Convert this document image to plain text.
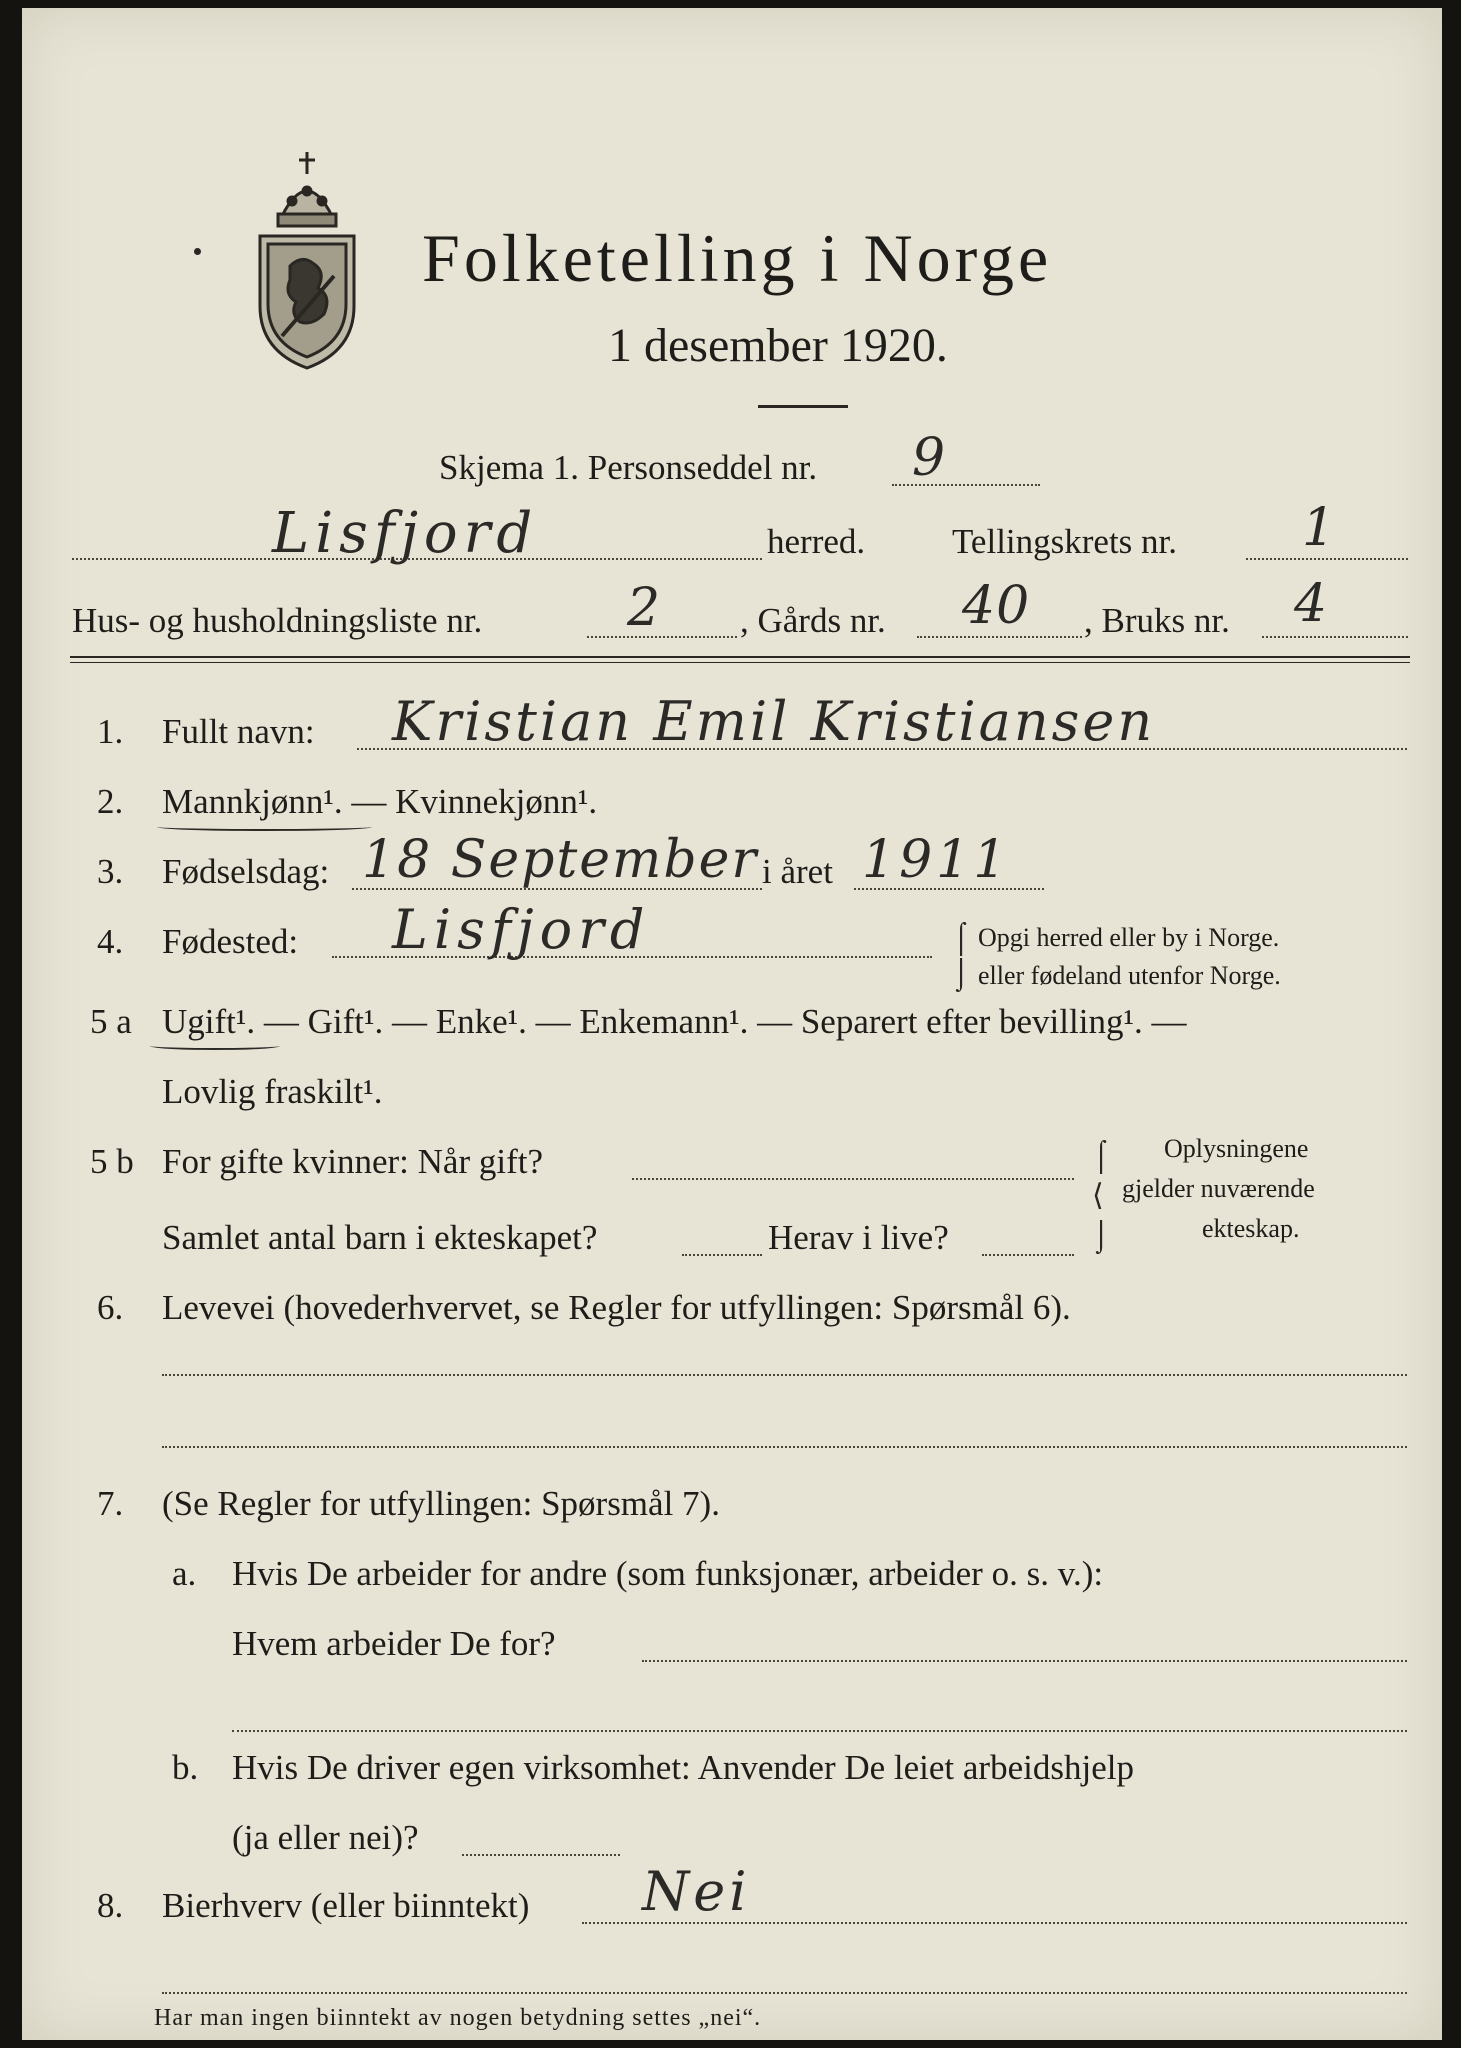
Folketelling i Norge
1 desember 1920.
Skjema 1. Personseddel nr. 9
Lisfjord	herred. Tellingskrets nr. 1
Hus- og husholdningsliste nr.	2 , Gårds nr. 40 , Bruks nr. 4
1. Fullt navn: Kristian Emil Kristiansen
2. Mannkjønn¹. — Kvinnekjønn¹.
3. Fødselsdag: 18 September i året 1911
4. Fødested: Lisfjord	⌠
⌡
Opgi herred eller by i Norge.
eller fødeland utenfor Norge.
5 a Ugift¹. — Gift¹. — Enke¹. — Enkemann¹. — Separert efter bevilling¹. —
Lovlig fraskilt¹.
5 b For gifte kvinner: Når gift?
Samlet antal barn i ekteskapet?	Herav i live?
⌠
⟨
⌡
Oplysningene
gjelder nuværende
ekteskap.
6. Levevei (hovederhvervet, se Regler for utfyllingen: Spørsmål 6).
7. (Se Regler for utfyllingen: Spørsmål 7).
a. Hvis De arbeider for andre (som funksjonær, arbeider o. s. v.):
Hvem arbeider De for?
b. Hvis De driver egen virksomhet: Anvender De leiet arbeidshjelp
(ja eller nei)?
8. Bierhverv (eller biinntekt) Nei
Har man ingen biinntekt av nogen betydning settes „nei“.
